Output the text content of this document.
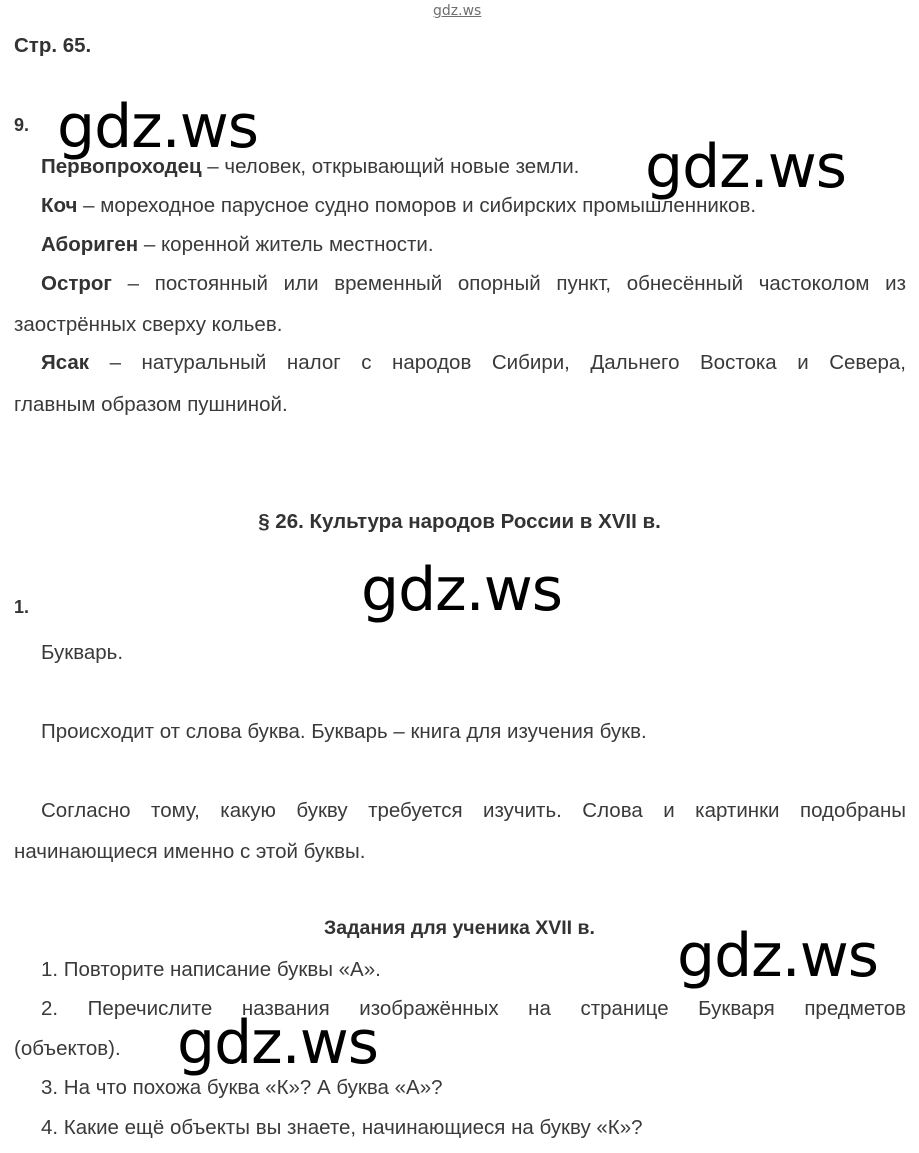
gdz.ws
Стр. 65.
9.
Первопроходец – человек, открывающий новые земли.
Коч – мореходное парусное судно поморов и сибирских промышленников.
Абориген – коренной житель местности.
Острог – постоянный или временный опорный пункт, обнесённый частоколом из
заострённых сверху кольев.
Ясак – натуральный налог с народов Сибири, Дальнего Востока и Севера,
главным образом пушниной.
§ 26. Культура народов России в XVII в.
1.
Букварь.
Происходит от слова буква. Букварь – книга для изучения букв.
Согласно тому, какую букву требуется изучить. Слова и картинки подобраны
начинающиеся именно с этой буквы.
Задания для ученика XVII в.
1. Повторите написание буквы «А».
2. Перечислите названия изображённых на странице Букваря предметов
(объектов).
3. На что похожа буква «К»? А буква «А»?
4. Какие ещё объекты вы знаете, начинающиеся на букву «К»?
gdz.ws
gdz.ws
gdz.ws
gdz.ws
gdz.ws
